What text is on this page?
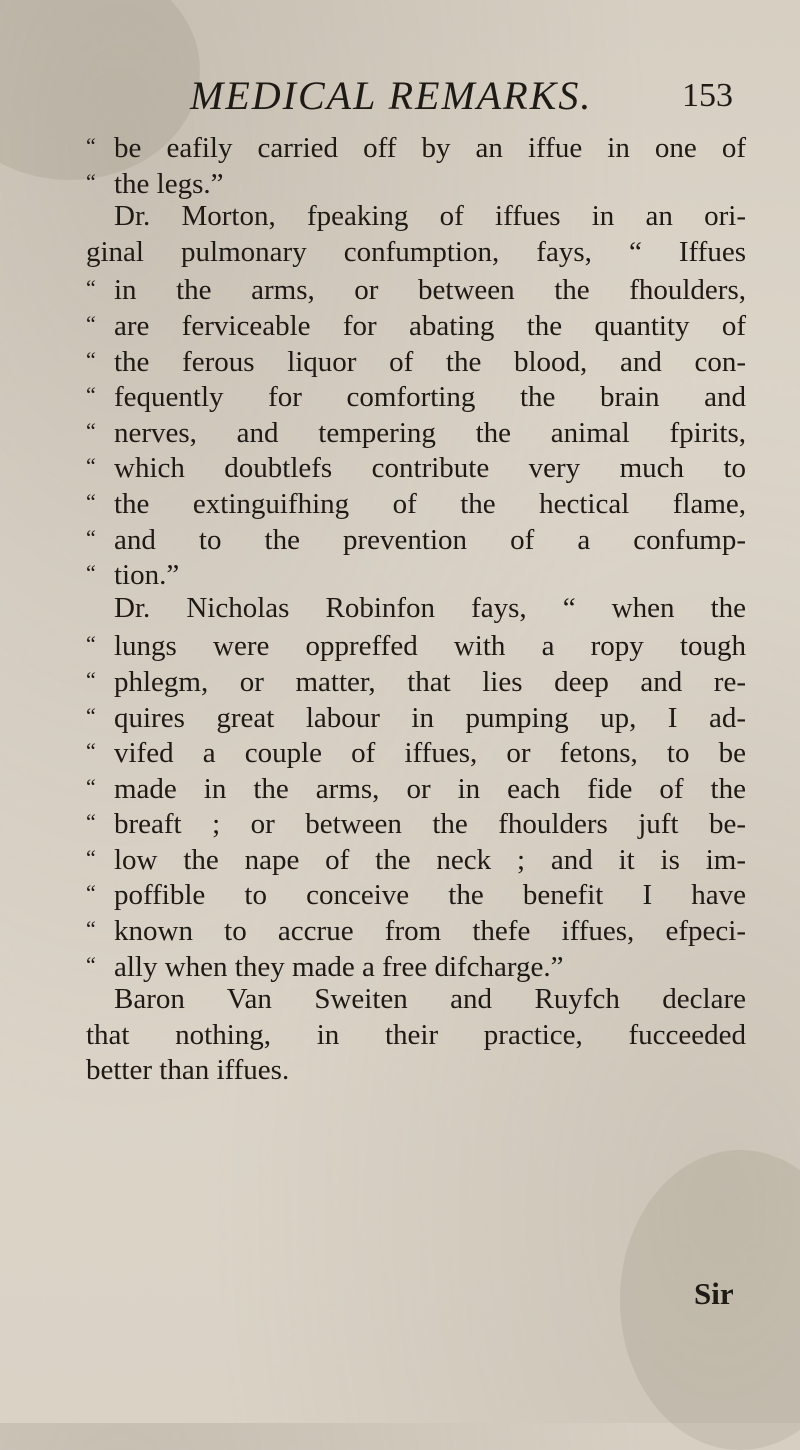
MEDICAL REMARKS.	153
“ be eafily carried off by an iffue in one of
“ the legs.”
Dr. Morton, fpeaking of iffues in an ori-
ginal pulmonary confumption, fays, “ Iffues
“ in the arms, or between the fhoulders,
“ are ferviceable for abating the quantity of
“ the ferous liquor of the blood, and con-
“ fequently for comforting the brain and
“ nerves, and tempering the animal fpirits,
“ which doubtlefs contribute very much to
“ the extinguifhing of the hectical flame,
“ and to the prevention of a confump-
“ tion.”
Dr. Nicholas Robinfon fays, “ when the
“ lungs were oppreffed with a ropy tough
“ phlegm, or matter, that lies deep and re-
“ quires great labour in pumping up, I ad-
“ vifed a couple of iffues, or fetons, to be
“ made in the arms, or in each fide of the
“ breaft ; or between the fhoulders juft be-
“ low the nape of the neck ; and it is im-
“ poffible to conceive the benefit I have
“ known to accrue from thefe iffues, efpeci-
“ ally when they made a free difcharge.”
Baron Van Sweiten and Ruyfch declare
that nothing, in their practice, fucceeded
better than iffues.
Sir
